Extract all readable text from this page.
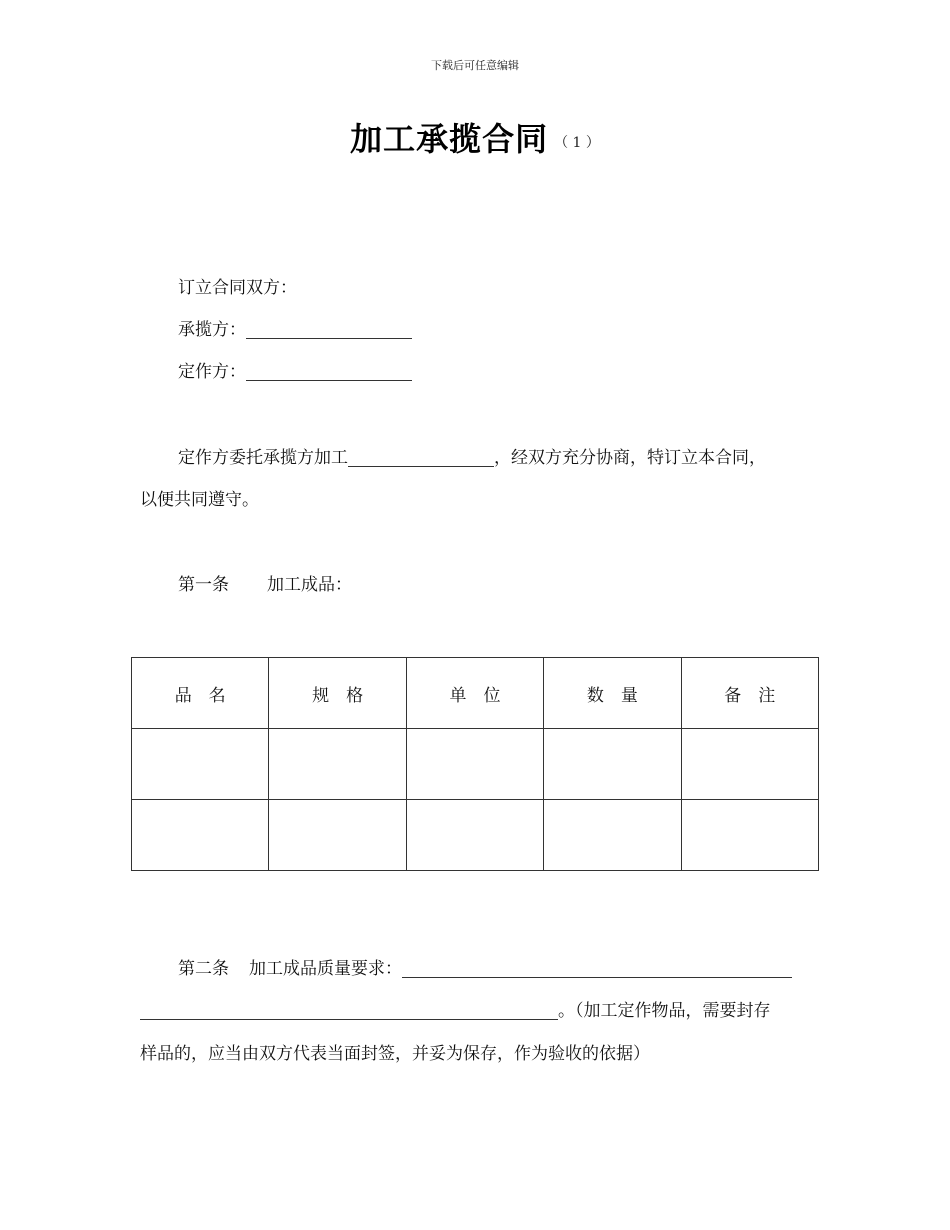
下载后可任意编辑
加工承揽合同 （ 1 ）
订立合同双方：
承揽方：
定作方：
定作方委托承揽方加工	，经双方充分协商，特订立本合同，
以便共同遵守。
第一条 加工成品：
品　名	规　格	单　位	数　量	备　注

第二条 加工成品质量要求：
。（加工定作物品，需要封存
样品的，应当由双方代表当面封签，并妥为保存，作为验收的依据）
